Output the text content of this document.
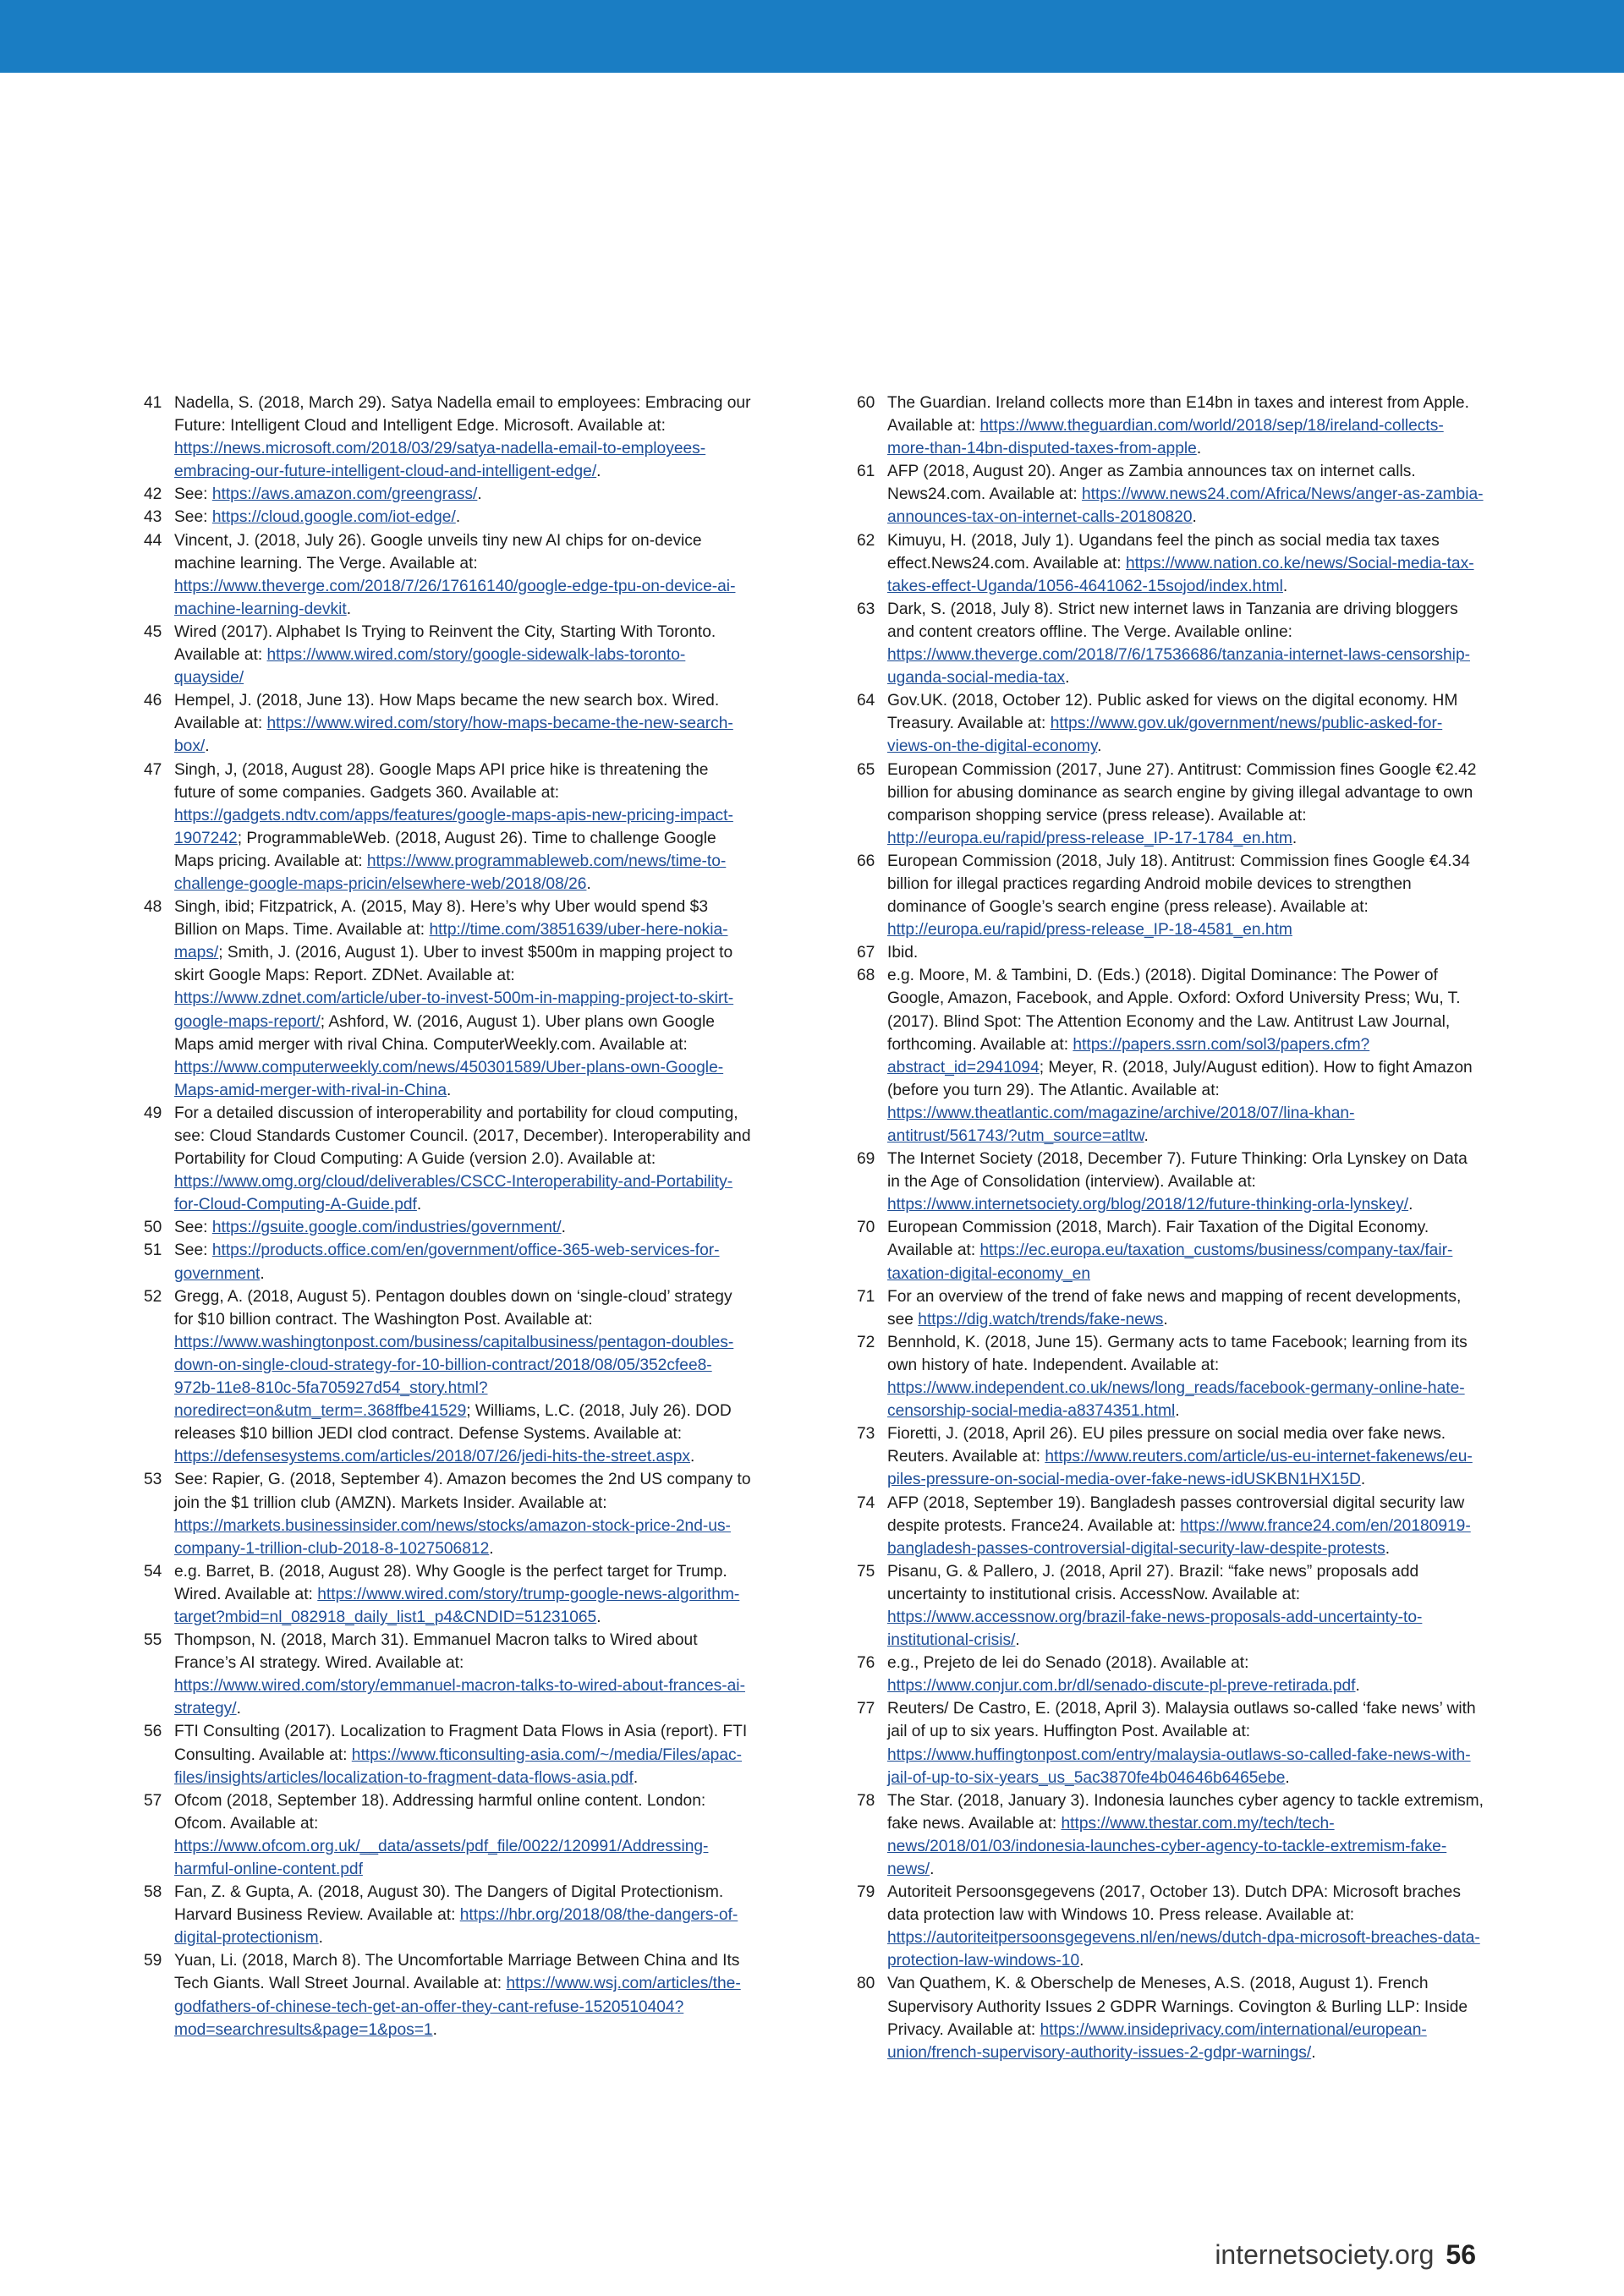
41 Nadella, S. (2018, March 29). Satya Nadella email to employees: Embracing our Future: Intelligent Cloud and Intelligent Edge. Microsoft. Available at: https://news.microsoft.com/2018/03/29/satya-nadella-email-to-employees-embracing-our-future-intelligent-cloud-and-intelligent-edge/.
42 See: https://aws.amazon.com/greengrass/.
43 See: https://cloud.google.com/iot-edge/.
44 Vincent, J. (2018, July 26). Google unveils tiny new AI chips for on-device machine learning. The Verge. Available at: https://www.theverge.com/2018/7/26/17616140/google-edge-tpu-on-device-ai-machine-learning-devkit.
45 Wired (2017). Alphabet Is Trying to Reinvent the City, Starting With Toronto. Available at: https://www.wired.com/story/google-sidewalk-labs-toronto-quayside/
46 Hempel, J. (2018, June 13). How Maps became the new search box. Wired. Available at: https://www.wired.com/story/how-maps-became-the-new-search-box/.
47 Singh, J, (2018, August 28). Google Maps API price hike is threatening the future of some companies. Gadgets 360. Available at: https://gadgets.ndtv.com/apps/features/google-maps-apis-new-pricing-impact-1907242; ProgrammableWeb. (2018, August 26). Time to challenge Google Maps pricing. Available at: https://www.programmableweb.com/news/time-to-challenge-google-maps-pricin/elsewhere-web/2018/08/26.
48 Singh, ibid; Fitzpatrick, A. (2015, May 8). Here’s why Uber would spend $3 Billion on Maps. Time. Available at: http://time.com/3851639/uber-here-nokia-maps/; Smith, J. (2016, August 1). Uber to invest $500m in mapping project to skirt Google Maps: Report. ZDNet. Available at: https://www.zdnet.com/article/uber-to-invest-500m-in-mapping-project-to-skirt-google-maps-report/; Ashford, W. (2016, August 1). Uber plans own Google Maps amid merger with rival China. ComputerWeekly.com. Available at: https://www.computerweekly.com/news/450301589/Uber-plans-own-Google-Maps-amid-merger-with-rival-in-China.
49 For a detailed discussion of interoperability and portability for cloud computing, see: Cloud Standards Customer Council. (2017, December). Interoperability and Portability for Cloud Computing: A Guide (version 2.0). Available at: https://www.omg.org/cloud/deliverables/CSCC-Interoperability-and-Portability-for-Cloud-Computing-A-Guide.pdf.
50 See: https://gsuite.google.com/industries/government/.
51 See: https://products.office.com/en/government/office-365-web-services-for-government.
52 Gregg, A. (2018, August 5). Pentagon doubles down on ‘single-cloud’ strategy for $10 billion contract. The Washington Post. Available at: https://www.washingtonpost.com/business/capitalbusiness/pentagon-doubles-down-on-single-cloud-strategy-for-10-billion-contract/2018/08/05/352cfee8-972b-11e8-810c-5fa705927d54_story.html?noredirect=on&utm_term=.368ffbe41529; Williams, L.C. (2018, July 26). DOD releases $10 billion JEDI clod contract. Defense Systems. Available at: https://defensesystems.com/articles/2018/07/26/jedi-hits-the-street.aspx.
53 See: Rapier, G. (2018, September 4). Amazon becomes the 2nd US company to join the $1 trillion club (AMZN). Markets Insider. Available at: https://markets.businessinsider.com/news/stocks/amazon-stock-price-2nd-us-company-1-trillion-club-2018-8-1027506812.
54 e.g. Barret, B. (2018, August 28). Why Google is the perfect target for Trump. Wired. Available at: https://www.wired.com/story/trump-google-news-algorithm-target?mbid=nl_082918_daily_list1_p4&CNDID=51231065.
55 Thompson, N. (2018, March 31). Emmanuel Macron talks to Wired about France’s AI strategy. Wired. Available at: https://www.wired.com/story/emmanuel-macron-talks-to-wired-about-frances-ai-strategy/.
56 FTI Consulting (2017). Localization to Fragment Data Flows in Asia (report). FTI Consulting. Available at: https://www.fticonsulting-asia.com/~/media/Files/apac-files/insights/articles/localization-to-fragment-data-flows-asia.pdf.
57 Ofcom (2018, September 18). Addressing harmful online content. London: Ofcom. Available at: https://www.ofcom.org.uk/__data/assets/pdf_file/0022/120991/Addressing-harmful-online-content.pdf
58 Fan, Z. & Gupta, A. (2018, August 30). The Dangers of Digital Protectionism. Harvard Business Review. Available at: https://hbr.org/2018/08/the-dangers-of-digital-protectionism.
59 Yuan, Li. (2018, March 8). The Uncomfortable Marriage Between China and Its Tech Giants. Wall Street Journal. Available at: https://www.wsj.com/articles/the-godfathers-of-chinese-tech-get-an-offer-they-cant-refuse-1520510404?mod=searchresults&page=1&pos=1.
60 The Guardian. Ireland collects more than E14bn in taxes and interest from Apple. Available at: https://www.theguardian.com/world/2018/sep/18/ireland-collects-more-than-14bn-disputed-taxes-from-apple.
61 AFP (2018, August 20). Anger as Zambia announces tax on internet calls. News24.com. Available at: https://www.news24.com/Africa/News/anger-as-zambia-announces-tax-on-internet-calls-20180820.
62 Kimuyu, H. (2018, July 1). Ugandans feel the pinch as social media tax taxes effect.News24.com. Available at: https://www.nation.co.ke/news/Social-media-tax-takes-effect-Uganda/1056-4641062-15sojod/index.html.
63 Dark, S. (2018, July 8). Strict new internet laws in Tanzania are driving bloggers and content creators offline. The Verge. Available online: https://www.theverge.com/2018/7/6/17536686/tanzania-internet-laws-censorship-uganda-social-media-tax.
64 Gov.UK. (2018, October 12). Public asked for views on the digital economy. HM Treasury. Available at: https://www.gov.uk/government/news/public-asked-for-views-on-the-digital-economy.
65 European Commission (2017, June 27). Antitrust: Commission fines Google €2.42 billion for abusing dominance as search engine by giving illegal advantage to own comparison shopping service (press release). Available at: http://europa.eu/rapid/press-release_IP-17-1784_en.htm.
66 European Commission (2018, July 18). Antitrust: Commission fines Google €4.34 billion for illegal practices regarding Android mobile devices to strengthen dominance of Google’s search engine (press release). Available at: http://europa.eu/rapid/press-release_IP-18-4581_en.htm
67 Ibid.
68 e.g. Moore, M. & Tambini, D. (Eds.) (2018). Digital Dominance: The Power of Google, Amazon, Facebook, and Apple. Oxford: Oxford University Press; Wu, T. (2017). Blind Spot: The Attention Economy and the Law. Antitrust Law Journal, forthcoming. Available at: https://papers.ssrn.com/sol3/papers.cfm?abstract_id=2941094; Meyer, R. (2018, July/August edition). How to fight Amazon (before you turn 29). The Atlantic. Available at: https://www.theatlantic.com/magazine/archive/2018/07/lina-khan-antitrust/561743/?utm_source=atltw.
69 The Internet Society (2018, December 7). Future Thinking: Orla Lynskey on Data in the Age of Consolidation (interview). Available at: https://www.internetsociety.org/blog/2018/12/future-thinking-orla-lynskey/.
70 European Commission (2018, March). Fair Taxation of the Digital Economy. Available at: https://ec.europa.eu/taxation_customs/business/company-tax/fair-taxation-digital-economy_en
71 For an overview of the trend of fake news and mapping of recent developments, see https://dig.watch/trends/fake-news.
72 Bennhold, K. (2018, June 15). Germany acts to tame Facebook; learning from its own history of hate. Independent. Available at: https://www.independent.co.uk/news/long_reads/facebook-germany-online-hate-censorship-social-media-a8374351.html.
73 Fioretti, J. (2018, April 26). EU piles pressure on social media over fake news. Reuters. Available at: https://www.reuters.com/article/us-eu-internet-fakenews/eu-piles-pressure-on-social-media-over-fake-news-idUSKBN1HX15D.
74 AFP (2018, September 19). Bangladesh passes controversial digital security law despite protests. France24. Available at: https://www.france24.com/en/20180919-bangladesh-passes-controversial-digital-security-law-despite-protests.
75 Pisanu, G. & Pallero, J. (2018, April 27). Brazil: “fake news” proposals add uncertainty to institutional crisis. AccessNow. Available at: https://www.accessnow.org/brazil-fake-news-proposals-add-uncertainty-to-institutional-crisis/.
76 e.g., Prejeto de lei do Senado (2018). Available at: https://www.conjur.com.br/dl/senado-discute-pl-preve-retirada.pdf.
77 Reuters/ De Castro, E. (2018, April 3). Malaysia outlaws so-called ‘fake news’ with jail of up to six years. Huffington Post. Available at: https://www.huffingtonpost.com/entry/malaysia-outlaws-so-called-fake-news-with-jail-of-up-to-six-years_us_5ac3870fe4b04646b6465ebe.
78 The Star. (2018, January 3). Indonesia launches cyber agency to tackle extremism, fake news. Available at: https://www.thestar.com.my/tech/tech-news/2018/01/03/indonesia-launches-cyber-agency-to-tackle-extremism-fake-news/.
79 Autoriteit Persoonsgegevens (2017, October 13). Dutch DPA: Microsoft braches data protection law with Windows 10. Press release. Available at: https://autoriteitpersoonsgegevens.nl/en/news/dutch-dpa-microsoft-breaches-data-protection-law-windows-10.
80 Van Quathem, K. & Oberschelp de Meneses, A.S. (2018, August 1). French Supervisory Authority Issues 2 GDPR Warnings. Covington & Burling LLP: Inside Privacy. Available at: https://www.insideprivacy.com/international/european-union/french-supervisory-authority-issues-2-gdpr-warnings/.
internetsociety.org 56
